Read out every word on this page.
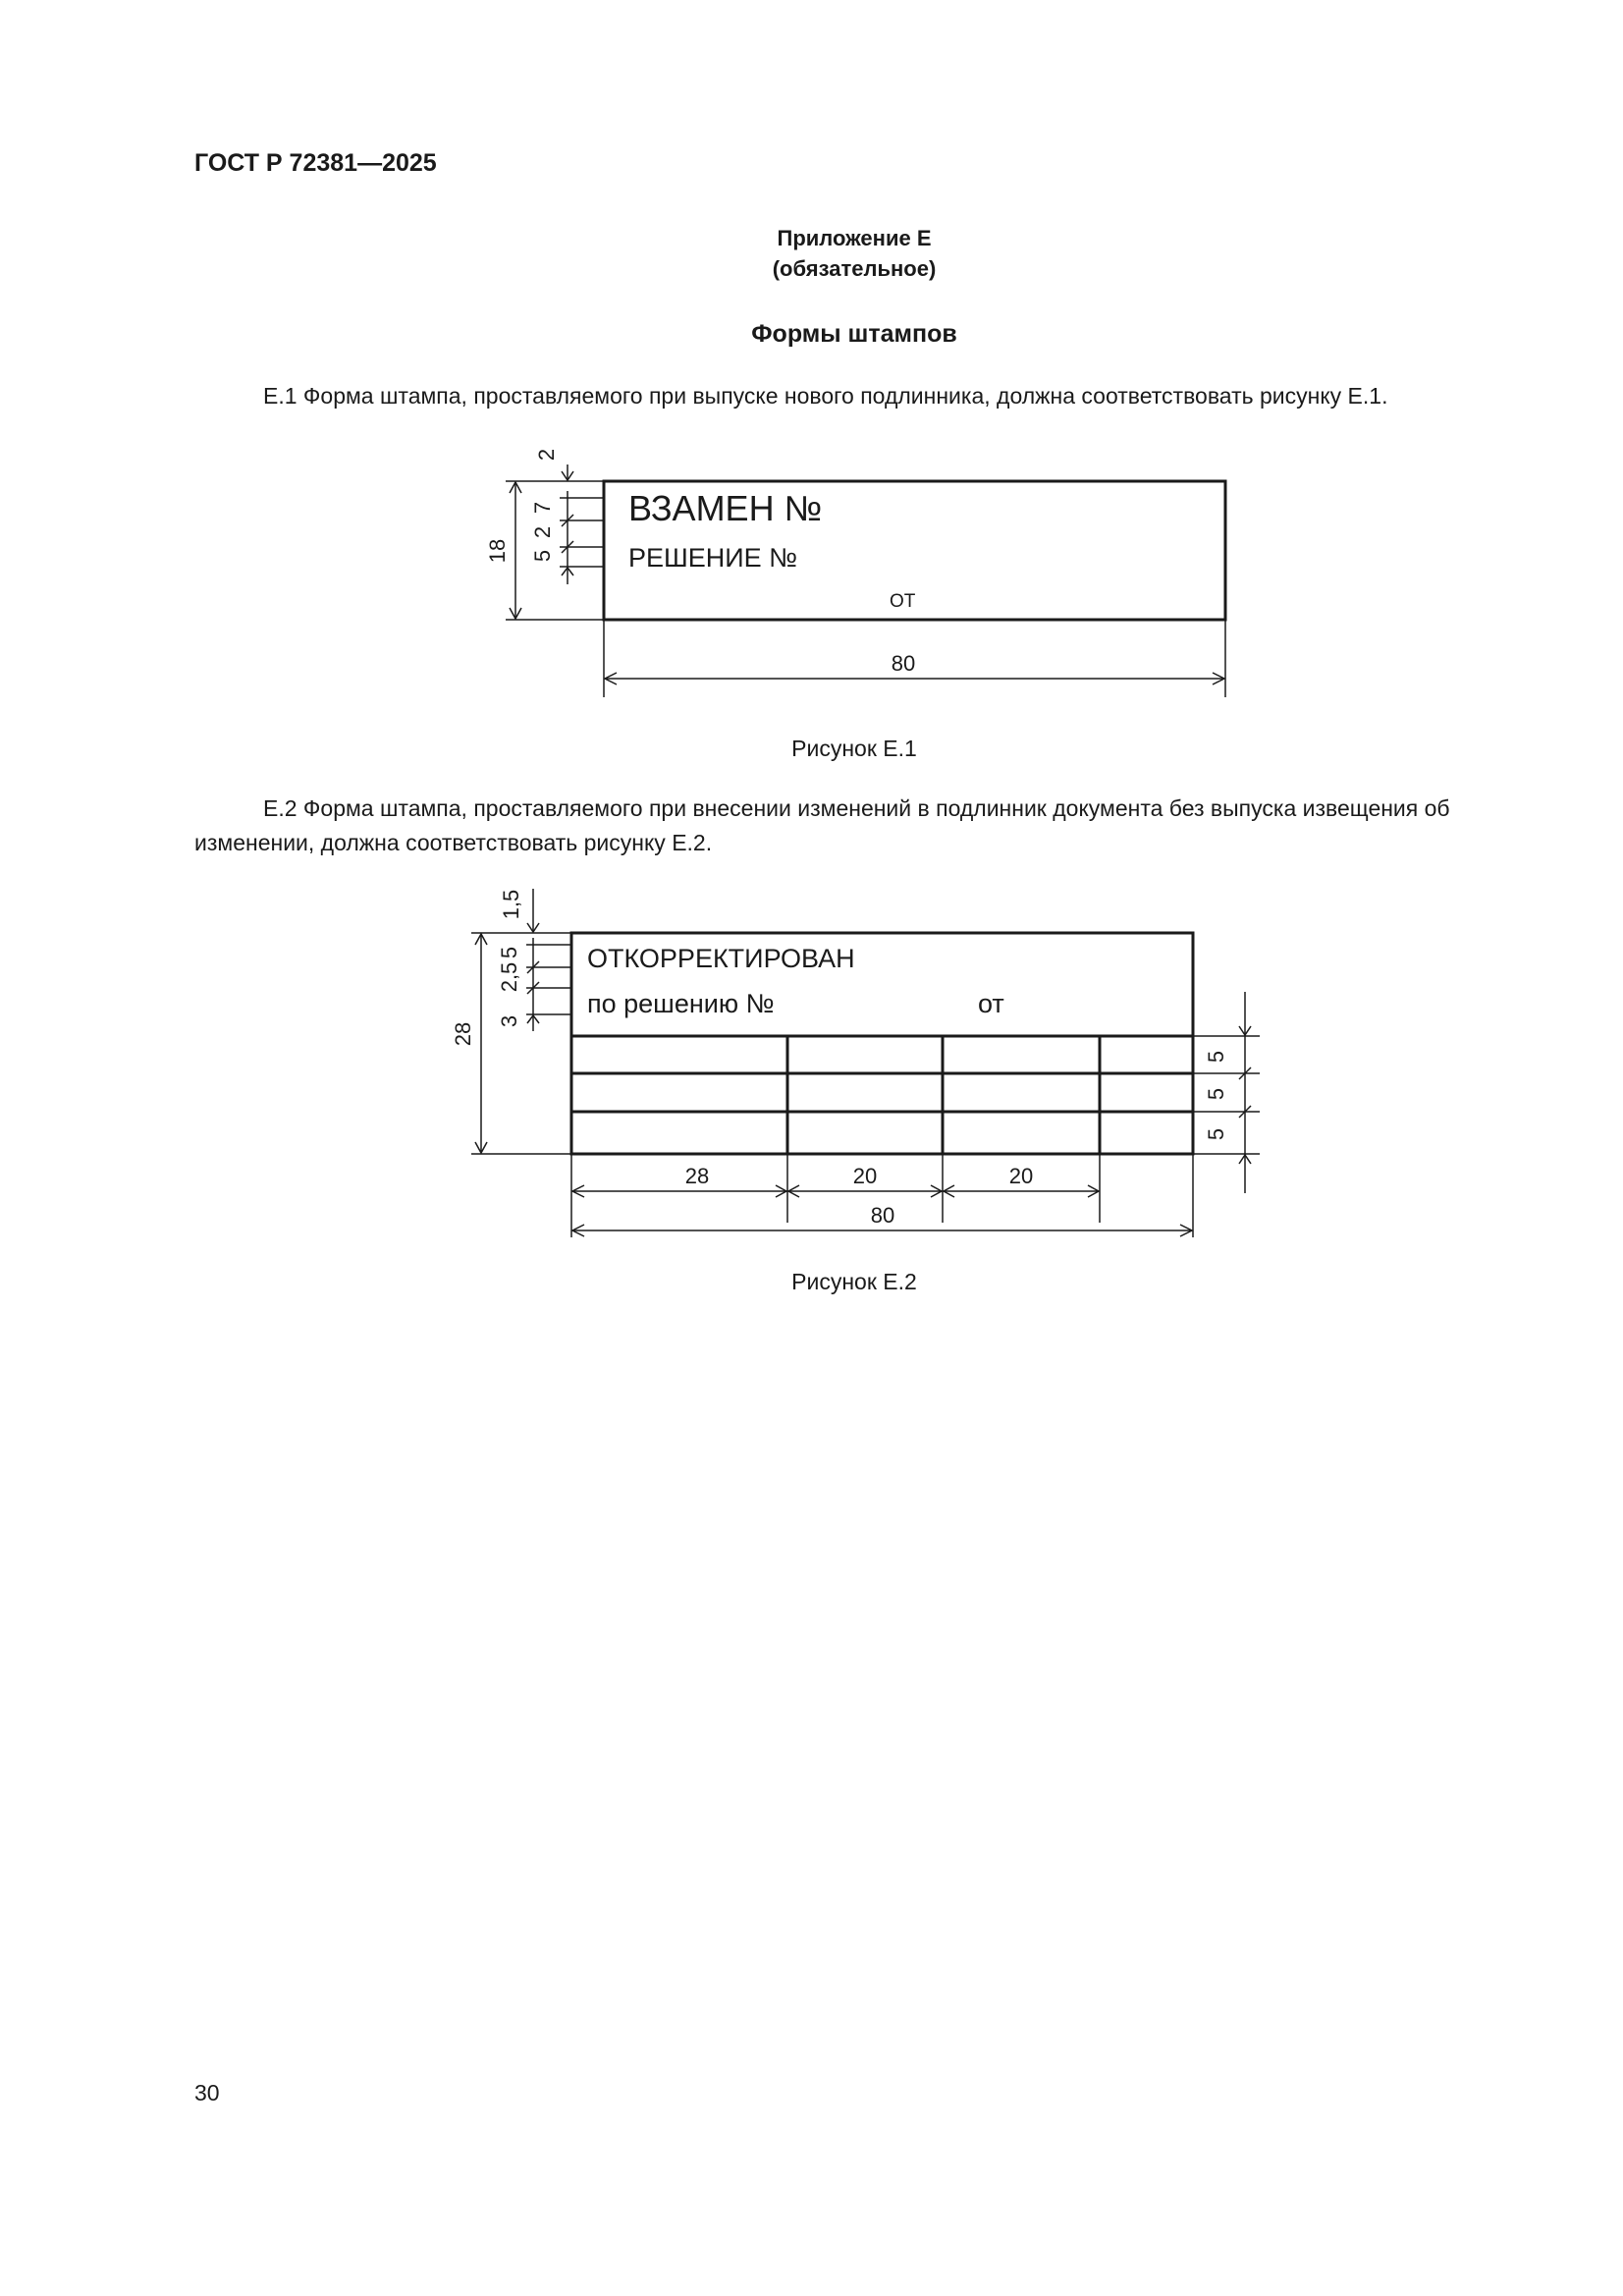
ГОСТ Р 72381—2025
Приложение Е
(обязательное)
Формы штампов
Е.1 Форма штампа, проставляемого при выпуске нового подлинника, должна соответствовать рисунку Е.1.
ВЗАМЕН №
РЕШЕНИЕ №
ОТ
80
18
2
7
2
5
Рисунок Е.1
Е.2 Форма штампа, проставляемого при внесении изменений в подлинник документа без выпуска извещения об изменении, должна соответствовать рисунку Е.2.
ОТКОРРЕКТИРОВАН
по решению №	от
28	20	20
80
28
1,5
5
2,5
3
5
5
5
Рисунок Е.2
30
